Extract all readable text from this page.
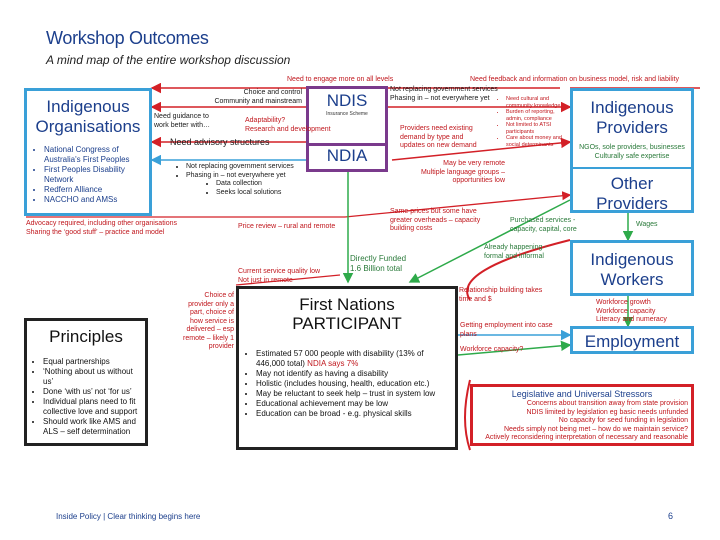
Workshop Outcomes
A mind map of the entire workshop discussion
Indigenous Organisations
• National Congress of Australia's First Peoples
• First Peoples Disability Network
• Redfern Alliance
• NACCHO and AMSs
NDIS
Insurance Scheme
NDIA
Indigenous Providers
NGOs, sole providers, businesses
Culturally safe expertise
Other Providers
Indigenous Workers
Employment
First Nations
PARTICIPANT
• Estimated 57 000 people with disability (13% of 446,000 total) NDIA says 7%
• May not identify as having a disability
• Holistic (includes housing, health, education etc.)
• May be reluctant to seek help – trust in system low
• Educational achievement may be low
• Education can be broad - e.g. physical skills
Principles
• Equal partnerships
• ‘Nothing about us without us’
• Done ‘with us’ not ‘for us’
• Individual plans need to fit collective love and support
• Should work like AMS and ALS – self determination
Legislative and Universal Stressors
Concerns about transition away from state provision
NDIS limited by legislation eg basic needs unfunded
No capacity for seed funding in legislation
Needs simply not being met – how do we maintain service?
Actively reconsidering interpretation of necessary and reasonable
Need to engage more on all levels	Need feedback and information on business model, risk and liability
Choice and control
Community and mainstream
Not replacing government services
Phasing in – not everywhere yet
Need guidance to
work better with…
Adaptability?
Research and development	Providers need existing
demand by type and
updates on new demand
• Need cultural and community knowledge
• Burden of reporting, admin, compliance
• Not limited to ATSI participants
• Care about money and social determinants
Need advisory structures
• Not replacing government services
• Phasing in – not everywhere yet
• Data collection
• Seeks local solutions
May be very remote
Multiple language groups –
opportunities low
Advocacy required, including other organisations
Sharing the ‘good stuff’ – practice and model
Price review – rural and remote
Same prices but some have
greater overheads – capacity
building costs
Purchased services -
capacity, capital, core
Wages
Already happening -
formal and informal
Directly Funded
1.6 Billion total
Current service quality low
Not just in remote
Relationship building takes
time and $	Workforce growth
Workforce capacity
Literacy and numeracy
Choice of
provider only a
part, choice of
how service is
delivered – esp
remote – likely 1
provider
Getting employment into case
plans
Workforce capacity?
Inside Policy | Clear thinking begins here	6
